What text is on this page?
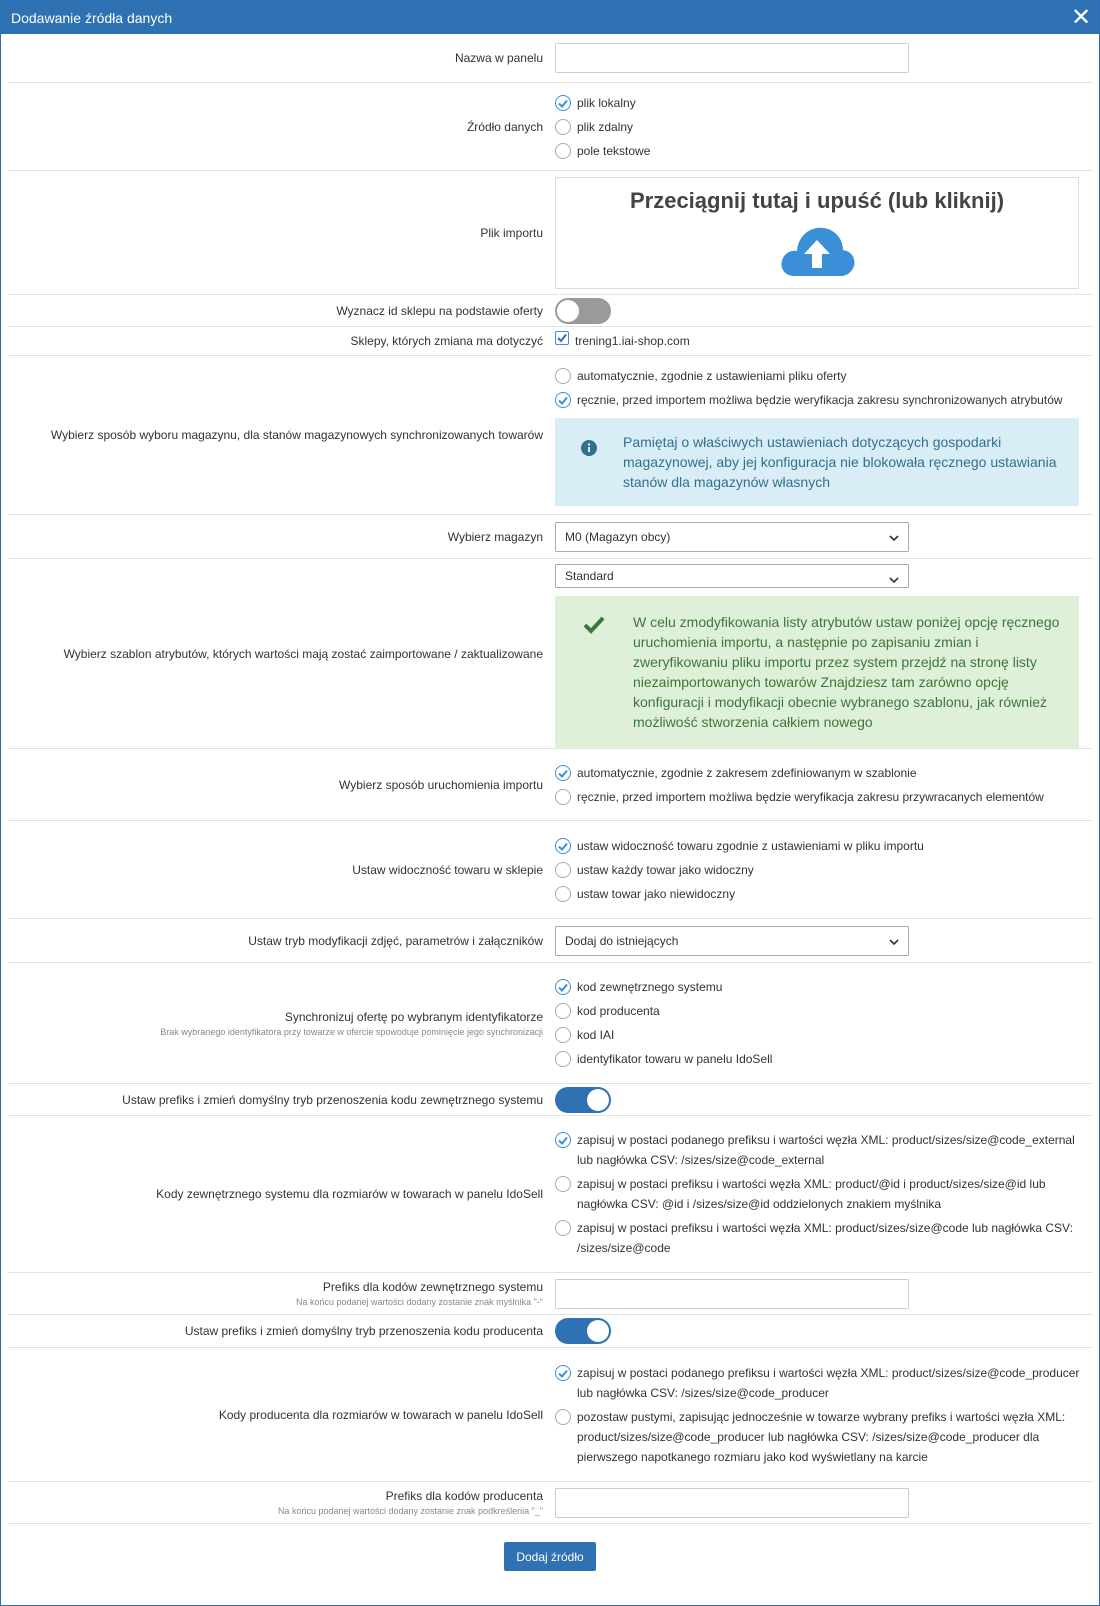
Dodawanie źródła danych	✕
Nazwa w panelu
Źródło danych
plik lokalny
plik zdalny
pole tekstowe
Plik importu
Przeciągnij tutaj i upuść (lub kliknij)
Wyznacz id sklepu na podstawie oferty
Sklepy, których zmiana ma dotyczyć	trening1.iai-shop.com
Wybierz sposób wyboru magazynu, dla stanów magazynowych synchronizowanych towarów
automatycznie, zgodnie z ustawieniami pliku oferty
ręcznie, przed importem możliwa będzie weryfikacja zakresu synchronizowanych atrybutów
Pamiętaj o właściwych ustawieniach dotyczących gospodarki magazynowej, aby jej konfiguracja nie blokowała ręcznego ustawiania stanów dla magazynów własnych
Wybierz magazyn M0 (Magazyn obcy)
Wybierz szablon atrybutów, których wartości mają zostać zaimportowane / zaktualizowane
Standard
W celu zmodyfikowania listy atrybutów ustaw poniżej opcję ręcznego uruchomienia importu, a następnie po zapisaniu zmian i zweryfikowaniu pliku importu przez system przejdź na stronę listy niezaimportowanych towarów Znajdziesz tam zarówno opcję konfiguracji i modyfikacji obecnie wybranego szablonu, jak również możliwość stworzenia całkiem nowego
Wybierz sposób uruchomienia importu
automatycznie, zgodnie z zakresem zdefiniowanym w szablonie
ręcznie, przed importem możliwa będzie weryfikacja zakresu przywracanych elementów
Ustaw widoczność towaru w sklepie
ustaw widoczność towaru zgodnie z ustawieniami w pliku importu
ustaw każdy towar jako widoczny
ustaw towar jako niewidoczny
Ustaw tryb modyfikacji zdjęć, parametrów i załączników Dodaj do istniejących
Synchronizuj ofertę po wybranym identyfikatorze
Brak wybranego identyfikatora przy towarze w ofercie spowoduje pominięcie jego synchronizacji
kod zewnętrznego systemu
kod producenta
kod IAI
identyfikator towaru w panelu IdoSell
Ustaw prefiks i zmień domyślny tryb przenoszenia kodu zewnętrznego systemu
Kody zewnętrznego systemu dla rozmiarów w towarach w panelu IdoSell
zapisuj w postaci podanego prefiksu i wartości węzła XML: product/sizes/size@code_external lub nagłówka CSV: /sizes/size@code_external
zapisuj w postaci prefiksu i wartości węzła XML: product/@id i product/sizes/size@id lub nagłówka CSV: @id i /sizes/size@id oddzielonych znakiem myślnika
zapisuj w postaci prefiksu i wartości węzła XML: product/sizes/size@code lub nagłówka CSV: /sizes/size@code
Prefiks dla kodów zewnętrznego systemu
Na końcu podanej wartości dodany zostanie znak myślnika "-"
Ustaw prefiks i zmień domyślny tryb przenoszenia kodu producenta
Kody producenta dla rozmiarów w towarach w panelu IdoSell
zapisuj w postaci podanego prefiksu i wartości węzła XML: product/sizes/size@code_producer lub nagłówka CSV: /sizes/size@code_producer
pozostaw pustymi, zapisując jednocześnie w towarze wybrany prefiks i wartości węzła XML: product/sizes/size@code_producer lub nagłówka CSV: /sizes/size@code_producer dla pierwszego napotkanego rozmiaru jako kod wyświetlany na karcie
Prefiks dla kodów producenta
Na końcu podanej wartości dodany zostanie znak podkreślenia "_"
Dodaj źródło
